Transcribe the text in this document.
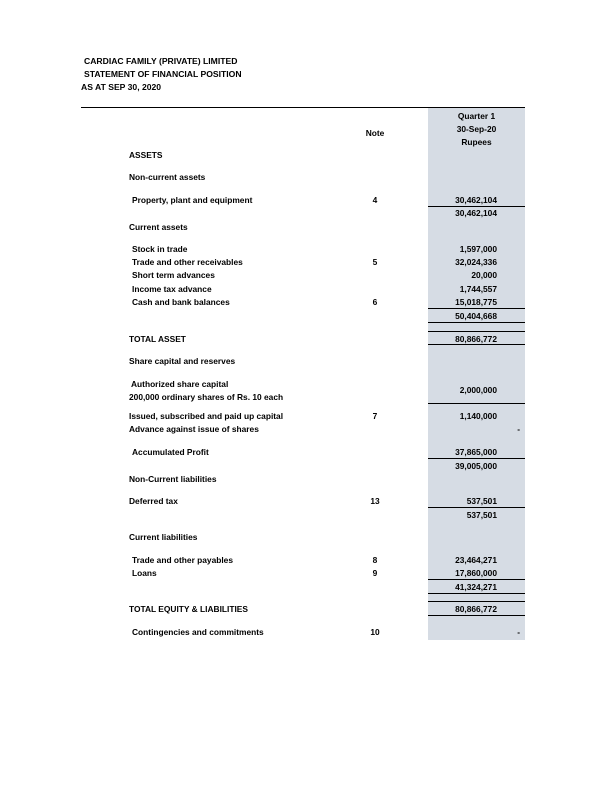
CARDIAC FAMILY (PRIVATE) LIMITED
STATEMENT OF FINANCIAL POSITION
AS AT SEP 30, 2020
Note
Quarter 1
30-Sep-20
Rupees
ASSETS
Non-current assets
Property, plant and equipment	4	30,462,104
30,462,104
Current assets
Stock in trade	1,597,000
Trade and other receivables	5	32,024,336
Short term advances	20,000
Income tax advance	1,744,557
Cash and bank balances	6	15,018,775
50,404,668
TOTAL ASSET	80,866,772
Share capital and reserves
Authorized share capital
200,000 ordinary shares of Rs. 10 each
2,000,000
Issued, subscribed and paid up capital	7	1,140,000
Advance against issue of shares	-
Accumulated Profit	37,865,000
39,005,000
Non-Current liabilities
Deferred tax	13	537,501
537,501
Current liabilities
Trade and other payables	8	23,464,271
Loans	9	17,860,000
41,324,271
TOTAL EQUITY & LIABILITIES	80,866,772
Contingencies and commitments	10	-
